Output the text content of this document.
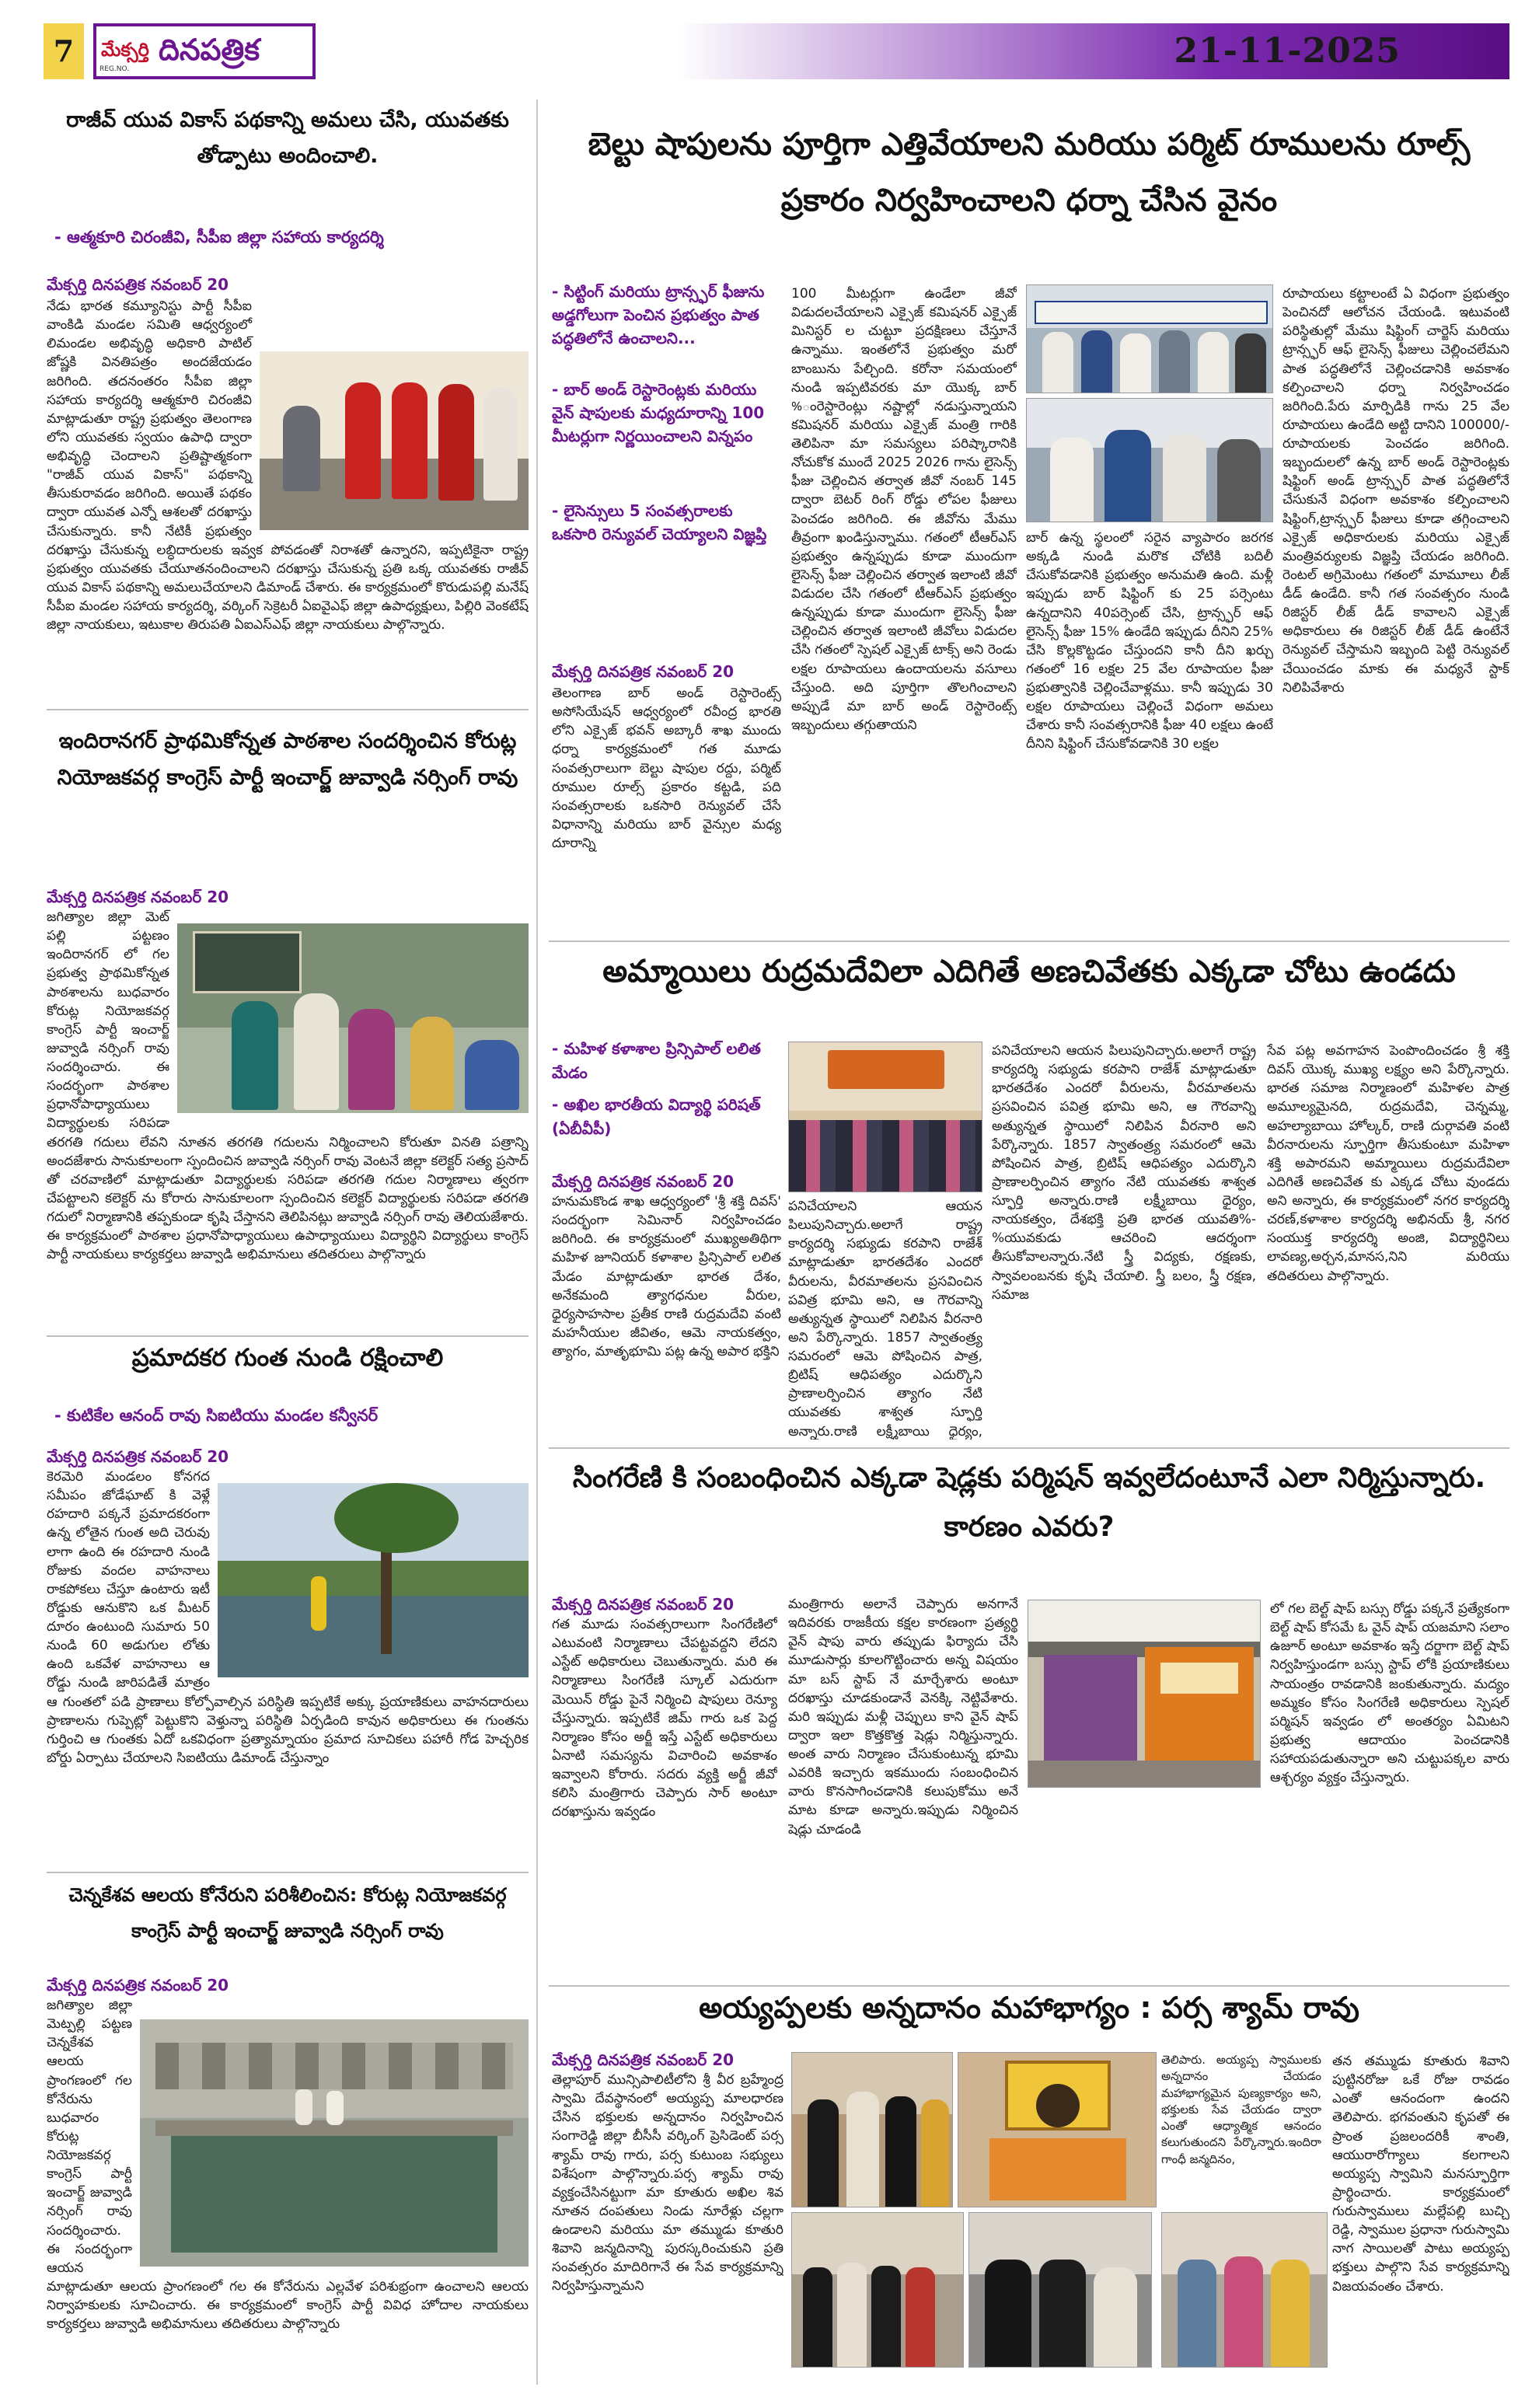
7	మేక్సర్తి దినపత్రిక
REG.NO.	21-11-2025
రాజీవ్ యువ వికాస్ పథకాన్ని అమలు చేసి, యువతకు తోడ్పాటు అందించాలి.
- ఆత్మకూరి చిరంజీవి, సీపీఐ జిల్లా సహాయ కార్యదర్శి
మేక్సర్తి దినపత్రిక నవంబర్ 20
నేడు భారత కమ్యూనిస్టు పార్టీ సీపీఐ వాంకిడి మండల సమితి ఆధ్వర్యంలో లిమండల అభివృద్ధి అధికారి పాటిల్ జోష్ణకి వినతిపత్రం అందజేయడం జరిగింది. తదనంతరం సీపీఐ జిల్లా సహాయ కార్యదర్శి ఆత్మకూరి చిరంజీవి మాట్లాడుతూ రాష్ట్ర ప్రభుత్వం తెలంగాణ లోని యువతకు స్వయం ఉపాధి ద్వారా అభివృద్ధి చెందాలని ప్రతిష్టాత్మకంగా "రాజీవ్ యువ వికాస్" పథకాన్ని తీసుకురావడం జరిగింది. అయితే పథకం ద్వారా యువత ఎన్నో ఆశలతో దరఖాస్తు చేసుకున్నారు. కానీ నేటికీ ప్రభుత్వం దరఖాస్తు చేసుకున్న లబ్ధిదారులకు ఇవ్వక పోవడంతో నిరాశతో ఉన్నారని, ఇప్పటికైనా రాష్ట్ర ప్రభుత్వం యువతకు చేయూతనందించాలని దరఖాస్తు చేసుకున్న ప్రతి ఒక్క యువతకు రాజీవ్ యువ వికాస్ పథకాన్ని అమలుచేయాలని డిమాండ్ చేశారు. ఈ కార్యక్రమంలో కొరుడుపల్లి మనేష్ సీపీఐ మండల సహాయ కార్యదర్శి, వర్కింగ్ సెక్రెటరీ ఏఐవైఎఫ్ జిల్లా ఉపాధ్యక్షులు, పిల్లిరి వెంకటేష్ జిల్లా నాయకులు, ఇటుకాల తిరుపతి ఏఐఎస్ఎఫ్ జిల్లా నాయకులు పాల్గొన్నారు.
ఇందిరానగర్ ప్రాథమికోన్నత పాఠశాల సందర్శించిన కోరుట్ల నియోజకవర్గ కాంగ్రెస్ పార్టీ ఇంచార్జ్ జువ్వాడి నర్సింగ్ రావు
మేక్సర్తి దినపత్రిక నవంబర్ 20
జగిత్యాల జిల్లా మెట్ పల్లి పట్టణం ఇందిరానగర్ లో గల ప్రభుత్వ ప్రాథమికోన్నత పాఠశాలను బుధవారం కోరుట్ల నియోజకవర్గ కాంగ్రెస్ పార్టీ ఇంచార్జ్ జువ్వాడి నర్సింగ్ రావు సందర్శించారు. ఈ సందర్భంగా పాఠశాల ప్రధానోపాధ్యాయులు విద్యార్థులకు సరిపడా తరగతి గదులు లేవని నూతన తరగతి గదులను నిర్మించాలని కోరుతూ వినతి పత్రాన్ని అందజేశారు సానుకూలంగా స్పందించిన జువ్వాడి నర్సింగ్ రావు వెంటనే జిల్లా కలెక్టర్ సత్య ప్రసాద్ తో చరవాణిలో మాట్లాడుతూ విద్యార్థులకు సరిపడా తరగతి గదుల నిర్మాణాలు త్వరగా చేపట్టాలని కలెక్టర్ ను కోరారు సానుకూలంగా స్పందించిన కలెక్టర్ విద్యార్థులకు సరిపడా తరగతి గదులో నిర్మాణానికి తప్పకుండా కృషి చేస్తానని తెలిపినట్లు జువ్వాడి నర్సింగ్ రావు తెలియజేశారు. ఈ కార్యక్రమంలో పాఠశాల ప్రధానోపాధ్యాయులు ఉపాధ్యాయులు విద్యార్థిని విద్యార్థులు కాంగ్రెస్ పార్టీ నాయకులు కార్యకర్తలు జువ్వాడి అభిమానులు తదితరులు పాల్గొన్నారు
ప్రమాదకర గుంత నుండి రక్షించాలి
- కుటికేల ఆనంద్ రావు సిఐటియు మండల కన్వీనర్
మేక్సర్తి దినపత్రిక నవంబర్ 20
కెరమెరి మండలం కోనగద సమీపం జోడేఘాట్ కి వెళ్లే రహదారి పక్కనే ప్రమాదకరంగా ఉన్న లోతైన గుంత అది చెరువు లాగా ఉంది ఈ రహదారి నుండి రోజుకు వందల వాహనాలు రాకపోకలు చేస్తూ ఉంటారు ఇటీ రోడ్డుకు ఆనుకొని ఒక మీటర్ దూరం ఉంటుంది సుమారు 50 నుండి 60 అడుగుల లోతు ఉంది ఒకవేళ వాహనాలు ఆ రోడ్డు నుండి జారిపడితే మాత్రం ఆ గుంతలో పడి ప్రాణాలు కోల్పోవాల్సిన పరిస్థితి ఇప్పటికే అక్కు ప్రయాణికులు వాహనదారులు ప్రాణాలను గుప్పెట్లో పెట్టుకొని వెళ్తున్నా పరిస్థితి ఏర్పడింది కావున అధికారులు ఈ గుంతను గుర్తించి ఆ గుంతకు ఏదో ఒకవిధంగా ప్రత్యామ్నాయం ప్రమాద సూచికలు పహారీ గోడ హెచ్చరిక బోర్డు ఏర్పాటు చేయాలని సిఐటియు డిమాండ్ చేస్తున్నాం
చెన్నకేశవ ఆలయ కోనేరుని పరిశీలించిన: కోరుట్ల నియోజకవర్గ కాంగ్రెస్ పార్టీ ఇంచార్జ్ జువ్వాడి నర్సింగ్ రావు
మేక్సర్తి దినపత్రిక నవంబర్ 20
జగిత్యాల జిల్లా మెట్పల్లి పట్టణ చెన్నకేశవ ఆలయ ప్రాంగణంలో గల కోనేరును బుధవారం కోరుట్ల నియోజకవర్గ కాంగ్రెస్ పార్టీ ఇంచార్జ్ జువ్వాడి నర్సింగ్ రావు సందర్శించారు. ఈ సందర్భంగా ఆయన మాట్లాడుతూ ఆలయ ప్రాంగణంలో గల ఈ కోనేరును ఎల్లవేళ పరిశుభ్రంగా ఉంచాలని ఆలయ నిర్వాహకులకు సూచించారు. ఈ కార్యక్రమంలో కాంగ్రెస్ పార్టీ వివిధ హోదాల నాయకులు కార్యకర్తలు జువ్వాడి అభిమానులు తదితరులు పాల్గొన్నారు
బెల్టు షాపులను పూర్తిగా ఎత్తివేయాలని మరియు పర్మిట్ రూములను రూల్స్ ప్రకారం నిర్వహించాలని ధర్నా చేసిన వైనం
- సిట్టింగ్ మరియు ట్రాన్స్ఫర్ ఫీజును అడ్డగోలుగా పెంచిన ప్రభుత్వం పాత పద్ధతిలోనే ఉంచాలని...
- బార్ అండ్ రెస్టారెంట్లకు మరియు వైన్ షాపులకు మధ్యదూరాన్ని 100 మీటర్లుగా నిర్ణయించాలని విన్నపం
- లైసెన్సులు 5 సంవత్సరాలకు ఒకసారి రెన్యువల్ చెయ్యాలని విజ్ఞప్తి
మేక్సర్తి దినపత్రిక నవంబర్ 20
తెలంగాణ బార్ అండ్ రెస్టారెంట్స్ అసోసియేషన్ ఆధ్వర్యంలో రవీంద్ర భారతి లోని ఎక్సైజ్ భవన్ అబ్కారీ శాఖ ముందు ధర్నా కార్యక్రమంలో గత మూడు సంవత్సరాలుగా బెల్టు షాపుల రద్దు, పర్మిట్ రూముల రూల్స్ ప్రకారం కట్టడి, పది సంవత్సరాలకు ఒకసారి రెన్యువల్ చేసే విధానాన్ని మరియు బార్ వైన్సుల మధ్య దూరాన్ని
100 మీటర్లుగా ఉండేలా జీవో విడుదలచేయాలని ఎక్సైజ్ కమిషనర్ ఎక్సైజ్ మినిస్టర్ ల చుట్టూ ప్రదక్షిణలు చేస్తూనే ఉన్నాము. ఇంతలోనే ప్రభుత్వం మరో బాంబును పేల్చింది. కరోనా సమయంలో నుండి ఇప్పటివరకు మా యొక్క బార్ %ంరెస్టారెంట్లు నష్టాల్లో నడుస్తున్నాయని కమిషనర్ మరియు ఎక్సైజ్ మంత్రి గారికి తెలిపినా మా సమస్యలు పరిష్కారానికి నోచుకోక ముందే 2025 2026 గాను లైసెన్స్ ఫీజు చెల్లించిన తర్వాత జీవో నంబర్ 145 ద్వారా బెటర్ రింగ్ రోడ్డు లోపల ఫీజులు పెంచడం జరిగింది. ఈ జీవోను మేము తీవ్రంగా ఖండిస్తున్నాము. గతంలో టీఆర్ఎస్ ప్రభుత్వం ఉన్నప్పుడు కూడా ముందుగా లైసెన్స్ ఫీజు చెల్లించిన తర్వాత ఇలాంటి జీవో విడుదల చేసి గతంలో టీఆర్ఎస్ ప్రభుత్వం ఉన్నప్పుడు కూడా ముందుగా లైసెన్స్ ఫీజు చెల్లించిన తర్వాత ఇలాంటి జీవోలు విడుదల చేసి గతంలో స్పెషల్ ఎక్సైజ్ టాక్స్ అని రెండు లక్షల రూపాయలు ఉందాయలను వసూలు చేస్తుంది. అది పూర్తిగా తొలగించాలని అప్పుడే మా బార్ అండ్ రెస్టారెంట్స్ ఇబ్బందులు తగ్గుతాయని
బార్ ఉన్న స్థలంలో సరైన వ్యాపారం జరగక అక్కడి నుండి మరొక చోటికి బదిలీ చేసుకోవడానికి ప్రభుత్వం అనుమతి ఉంది. మళ్లీ ఇప్పుడు బార్ షిఫ్టింగ్ కు 25 పర్సెంటు ఉన్నదానిని 40పర్సెంట్ చేసి, ట్రాన్స్ఫర్ ఆఫ్ లైసెన్స్ ఫీజు 15% ఉండేది ఇప్పుడు దీనిని 25% చేసి కొల్లకొట్టడం చేస్తుందని కానీ దీని ఖర్చు గతంలో 16 లక్షల 25 వేల రూపాయల ఫీజు ప్రభుత్వానికి చెల్లించేవాళ్లము. కానీ ఇప్పుడు 30 లక్షల రూపాయలు చెల్లించే విధంగా అమలు చేశారు కానీ సంవత్సరానికి ఫీజు 40 లక్షలు ఉంటే దీనిని షిఫ్టింగ్ చేసుకోవడానికి 30 లక్షల
రూపాయలు కట్టాలంటే ఏ విధంగా ప్రభుత్వం పెంచినదో ఆలోచన చేయండి. ఇటువంటి పరిస్థితుల్లో మేము షిఫ్టింగ్ చార్జెస్ మరియు ట్రాన్స్ఫర్ ఆఫ్ లైసెన్స్ ఫీజులు చెల్లించలేమని పాత పద్ధతిలోనే చెల్లించడానికి అవకాశం కల్పించాలని ధర్నా నిర్వహించడం జరిగింది.పేరు మార్పిడికి గాను 25 వేల రూపాయలు ఉండేది అట్టి దానిని 100000/- రూపాయలకు పెంచడం జరిగింది. ఇబ్బందులలో ఉన్న బార్ అండ్ రెస్టారెంట్లకు షిఫ్టింగ్ అండ్ ట్రాన్స్ఫర్ పాత పద్ధతిలోనే చేసుకునే విధంగా అవకాశం కల్పించాలని షిఫ్టింగ్,ట్రాన్స్ఫర్ ఫీజులు కూడా తగ్గించాలని ఎక్సైజ్ అధికారులకు మరియు ఎక్సైజ్ మంత్రివర్యులకు విజ్ఞప్తి చేయడం జరిగింది. రెంటల్ అగ్రిమెంటు గతంలో మామూలు లీజ్ డీడ్ ఉండేది. కానీ గత సంవత్సరం నుండి రిజిస్టర్ లీజ్ డీడ్ కావాలని ఎక్సైజ్ అధికారులు ఈ రిజిస్టర్ లీజ్ డీడ్ ఉంటేనే రెన్యువల్ చేస్తామని ఇబ్బంది పెట్టి రెన్యువల్ చేయించడం మాకు ఈ మధ్యనే స్టాక్ నిలిపివేశారు
అమ్మాయిలు రుద్రమదేవిలా ఎదిగితే అణచివేతకు ఎక్కడా చోటు ఉండదు
- మహిళ కళాశాల ప్రిన్సిపాల్ లలిత మేడం
- అఖిల భారతీయ విద్యార్థి పరిషత్ (ఏబీవీపీ)
మేక్సర్తి దినపత్రిక నవంబర్ 20
హనుమకొండ శాఖ ఆధ్వర్యంలో 'శ్రీ శక్తి దివస్' సందర్భంగా సెమినార్ నిర్వహించడం జరిగింది. ఈ కార్యక్రమంలో ముఖ్యఅతిథిగా మహిళ జూనియర్ కళాశాల ప్రిన్సిపాల్ లలిత మేడం మాట్లాడుతూ భారత దేశం, అనేకమంది త్యాగధనుల వీరుల, ధైర్యసాహసాల ప్రతీక రాణి రుద్రమదేవి వంటి మహనీయుల జీవితం, ఆమె నాయకత్వం, త్యాగం, మాతృభూమి పట్ల ఉన్న అపార భక్తిని
పనిచేయాలని ఆయన పిలుపునిచ్చారు.అలాగే రాష్ట్ర కార్యదర్శి సభ్యుడు కరపాని రాజేశ్ మాట్లాడుతూ భారతదేశం ఎందరో వీరులను, వీరమాతలను ప్రసవించిన పవిత్ర భూమి అని, ఆ గౌరవాన్ని అత్యున్నత స్థాయిలో నిలిపిన వీరనారి అని పేర్కొన్నారు. 1857 స్వాతంత్ర్య సమరంలో ఆమె పోషించిన పాత్ర, బ్రిటిష్ ఆధిపత్యం ఎదుర్కొని ప్రాణాలర్పించిన త్యాగం నేటి యువతకు శాశ్వత స్ఫూర్తి అన్నారు.రాణి లక్ష్మీబాయి ధైర్యం,
పనిచేయాలని ఆయన పిలుపునిచ్చారు.అలాగే రాష్ట్ర కార్యదర్శి సభ్యుడు కరపాని రాజేశ్ మాట్లాడుతూ భారతదేశం ఎందరో వీరులను, వీరమాతలను ప్రసవించిన పవిత్ర భూమి అని, ఆ గౌరవాన్ని అత్యున్నత స్థాయిలో నిలిపిన వీరనారి అని పేర్కొన్నారు. 1857 స్వాతంత్ర్య సమరంలో ఆమె పోషించిన పాత్ర, బ్రిటిష్ ఆధిపత్యం ఎదుర్కొని ప్రాణాలర్పించిన త్యాగం నేటి యువతకు శాశ్వత స్ఫూర్తి అన్నారు.రాణి లక్ష్మీబాయి ధైర్యం, నాయకత్వం, దేశభక్తి ప్రతి భారత యువతి%-%యువకుడు ఆచరించి ఆదర్శంగా తీసుకోవాలన్నారు.నేటి స్త్రీ విద్యకు, రక్షణకు, స్వావలంబనకు కృషి చేయాలి. స్త్రీ బలం, స్త్రీ రక్షణ, సమాజ
సేవ పట్ల అవగాహన పెంపొందించడం శ్రీ శక్తి దివస్ యొక్క ముఖ్య లక్ష్యం అని పేర్కొన్నారు. భారత సమాజ నిర్మాణంలో మహిళల పాత్ర అమూల్యమైనది, రుద్రమదేవి, చెన్నమ్మ, అహల్యాబాయి హోల్కర్, రాణి దుర్గావతి వంటి వీరనారులను స్ఫూర్తిగా తీసుకుంటూ మహిళా శక్తి అపారమని అమ్మాయిలు రుద్రమదేవిలా ఎదిగితే అణచివేత కు ఎక్కడ చోటు వుండదు అని అన్నారు, ఈ కార్యక్రమంలో నగర కార్యదర్శి చరణ్,కళాశాల కార్యదర్శి అభినయ్ శ్రీ, నగర సంయుక్త కార్యదర్శి అంజి, విద్యార్థినిలు లావణ్య,అర్చన,మానస,నిని మరియు తదితరులు పాల్గొన్నారు.
సింగరేణి కి సంబంధించిన ఎక్కడా షెడ్లకు పర్మిషన్ ఇవ్వలేదంటూనే ఎలా నిర్మిస్తున్నారు. కారణం ఎవరు?
మేక్సర్తి దినపత్రిక నవంబర్ 20
గత మూడు సంవత్సరాలుగా సింగరేణిలో ఎటువంటి నిర్మాణాలు చేపట్టవద్దని లేదని ఎస్టేట్ అధికారులు చెబుతున్నారు. మరి ఈ నిర్మాణాలు సింగరేణి స్కూల్ ఎదురుగా మెయిన్ రోడ్డు పైనే నిర్మించి షాపులు రెన్యూ చేస్తున్నారు. ఇప్పటికే జిమ్ గారు ఒక పెద్ద నిర్మాణం కోసం అర్జీ ఇస్తే ఎస్టేట్ అధికారులు ఏనాటి సమస్యను విచారించి అవకాశం ఇవ్వాలని కోరారు. సదరు వ్యక్తి అర్జీ జీవో కలిసి మంత్రిగారు చెప్పారు సార్ అంటూ దరఖాస్తును ఇవ్వడం
మంత్రిగారు అలానే చెప్పారు అనగానే ఇదివరకు రాజకీయ కక్షల కారణంగా ప్రత్యర్థి వైన్ షాపు వారు తప్పుడు ఫిర్యాదు చేసి మూడుసార్లు కూలగొట్టించారు అన్న విషయం మా బస్ స్టాప్ నే మార్చేశారు అంటూ దరఖాస్తు చూడకుండానే వెనక్కి నెట్టివేశారు. మరి ఇప్పుడు మళ్లీ చెప్పులు కాని వైన్ షాప్ ద్వారా ఇలా కొత్తకొత్త షెడ్లు నిర్మిస్తున్నారు. అంత వారు నిర్మాణం చేసుకుంటున్న భూమి ఎవరికి ఇచ్చారు ఇకముందు సంబంధించిన వారు కొనసాగించడానికి కలుపుకోము అనే మాట కూడా అన్నారు.ఇప్పుడు నిర్మించిన షెడ్లు చూడండి
లో గల బెల్ట్ షాప్ బస్సు రోడ్డు పక్కనే ప్రత్యేకంగా బెల్ట్ షాప్ కోసమే ఓ వైన్ షాప్ యజమాని సలాం ఉజూర్ అంటూ అవకాశం ఇస్తే దర్జాగా బెల్ట్ షాప్ నిర్వహిస్తుండగా బస్సు స్టాప్ లోకి ప్రయాణికులు సాయంత్రం రావడానికి జంకుతున్నారు. మద్యం అమ్మకం కోసం సింగరేణి అధికారులు స్పెషల్ పర్మిషన్ ఇవ్వడం లో అంతర్యం ఏమిటని ప్రభుత్వ ఆదాయం పెంచడానికి సహాయపడుతున్నారా అని చుట్టుపక్కల వారు ఆశ్చర్యం వ్యక్తం చేస్తున్నారు.
అయ్యప్పలకు అన్నదానం మహాభాగ్యం : పర్స శ్యామ్ రావు
మేక్సర్తి దినపత్రిక నవంబర్ 20
తెల్లాపూర్ మున్సిపాలిటీలోని శ్రీ వీర బ్రహ్మేంద్ర స్వామి దేవస్థానంలో అయ్యప్ప మాలధారణ చేసిన భక్తులకు అన్నదానం నిర్వహించిన సంగారెడ్డి జిల్లా బీసీసీ వర్కింగ్ ప్రెసిడెంట్ పర్స శ్యామ్ రావు గారు, పర్స కుటుంబ సభ్యులు విశేషంగా పాల్గొన్నారు.పర్స శ్యామ్ రావు వ్యక్తంచేసినట్టుగా మా కూతురు అఖిల శివ నూతన దంపతులు నిండు నూరేళ్లు చల్లగా ఉండాలని మరియు మా తమ్ముడు కూతురి శివాని జన్మదినాన్ని పురస్కరించుకుని ప్రతి సంవత్సరం మాదిరిగానే ఈ సేవ కార్యక్రమాన్ని నిర్వహిస్తున్నామని
తెలిపారు. అయ్యప్ప స్వాములకు అన్నదానం చేయడం మహాభాగ్యమైన పుణ్యకార్యం అని, భక్తులకు సేవ చేయడం ద్వారా ఎంతో ఆధ్యాత్మిక ఆనందం కలుగుతుందని పేర్కొన్నారు.ఇందిరా గాంధీ జన్మదినం,
తన తమ్ముడు కూతురు శివాని పుట్టినరోజు ఒకే రోజు రావడం ఎంతో ఆనందంగా ఉందని తెలిపారు. భగవంతుని కృపతో ఈ ప్రాంత ప్రజలందరికీ శాంతి, ఆయురారోగ్యాలు కలగాలని అయ్యప్ప స్వామిని మనస్ఫూర్తిగా ప్రార్థించారు. కార్యక్రమంలో గురుస్వాములు మల్లేపల్లి బుచ్చి రెడ్డి, స్వాముల ప్రధానా గురుస్వామి నాగ సాయిలతో పాటు అయ్యప్ప భక్తులు పాల్గొని సేవ కార్యక్రమాన్ని విజయవంతం చేశారు.
